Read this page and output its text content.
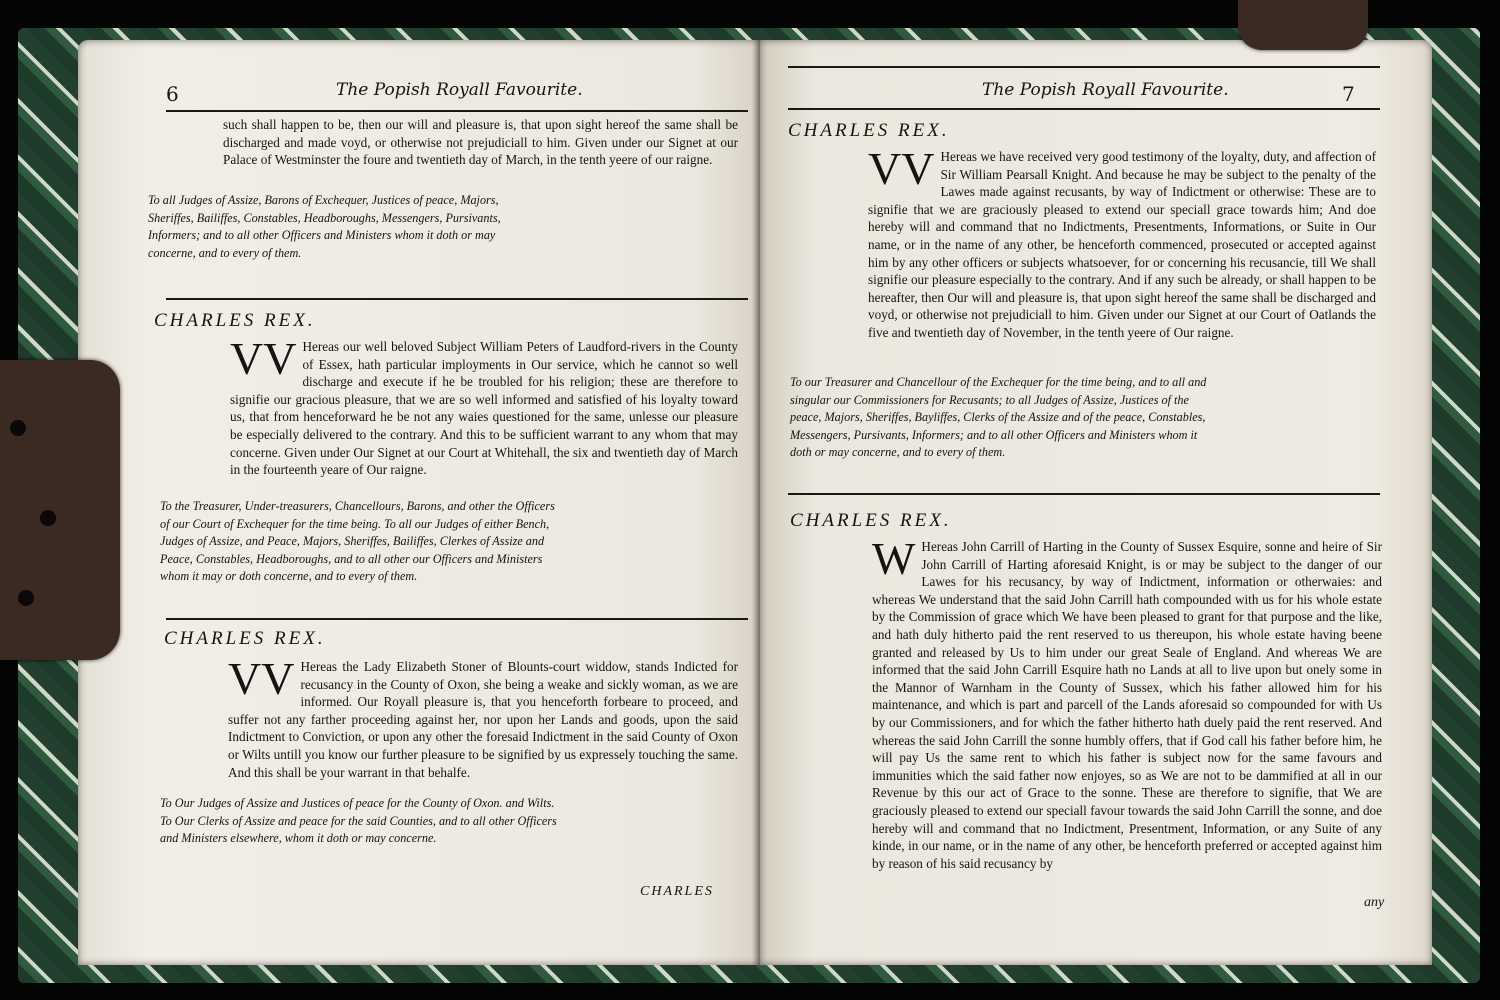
6	The Popish Royall Favourite.
such shall happen to be, then our will and pleasure is, that upon sight hereof the same shall be discharged and made voyd, or otherwise not prejudiciall to him. Given under our Signet at our Palace of Westminster the foure and twentieth day of March, in the tenth yeere of our raigne.
To all Judges of Assize, Barons of Exchequer, Justices of peace, Majors, Sheriffes, Bailiffes, Constables, Headboroughs, Messengers, Pursivants, Informers; and to all other Officers and Ministers whom it doth or may concerne, and to every of them.
CHARLES REX.
VV Hereas our well beloved Subject William Peters of Laudford-rivers in the County of Essex, hath particular imployments in Our service, which he cannot so well discharge and execute if he be troubled for his religion; these are therefore to signifie our gracious pleasure, that we are so well informed and satisfied of his loyalty toward us, that from henceforward he be not any waies questioned for the same, unlesse our pleasure be especially delivered to the contrary. And this to be sufficient warrant to any whom that may concerne. Given under Our Signet at our Court at Whitehall, the six and twentieth day of March in the fourteenth yeare of Our raigne.
To the Treasurer, Under-treasurers, Chancellours, Barons, and other the Officers of our Court of Exchequer for the time being. To all our Judges of either Bench, Judges of Assize, and Peace, Majors, Sheriffes, Bailiffes, Clerkes of Assize and Peace, Constables, Headboroughs, and to all other our Officers and Ministers whom it may or doth concerne, and to every of them.
CHARLES REX.
VV Hereas the Lady Elizabeth Stoner of Blounts-court widdow, stands Indicted for recusancy in the County of Oxon, she being a weake and sickly woman, as we are informed. Our Royall pleasure is, that you henceforth forbeare to proceed, and suffer not any farther proceeding against her, nor upon her Lands and goods, upon the said Indictment to Conviction, or upon any other the foresaid Indictment in the said County of Oxon or Wilts untill you know our further pleasure to be signified by us expressely touching the same. And this shall be your warrant in that behalfe.
To Our Judges of Assize and Justices of peace for the County of Oxon. and Wilts. To Our Clerks of Assize and peace for the said Counties, and to all other Officers and Ministers elsewhere, whom it doth or may concerne.
CHARLES
The Popish Royall Favourite.	7
CHARLES REX.
VV Hereas we have received very good testimony of the loyalty, duty, and affection of Sir William Pearsall Knight. And because he may be subject to the penalty of the Lawes made against recusants, by way of Indictment or otherwise: These are to signifie that we are graciously pleased to extend our speciall grace towards him; And doe hereby will and command that no Indictments, Presentments, Informations, or Suite in Our name, or in the name of any other, be henceforth commenced, prosecuted or accepted against him by any other officers or subjects whatsoever, for or concerning his recusancie, till We shall signifie our pleasure especially to the contrary. And if any such be already, or shall happen to be hereafter, then Our will and pleasure is, that upon sight hereof the same shall be discharged and voyd, or otherwise not prejudiciall to him. Given under our Signet at our Court of Oatlands the five and twentieth day of November, in the tenth yeere of Our raigne.
To our Treasurer and Chancellour of the Exchequer for the time being, and to all and singular our Commissioners for Recusants; to all Judges of Assize, Justices of the peace, Majors, Sheriffes, Bayliffes, Clerks of the Assize and of the peace, Constables, Messengers, Pursivants, Informers; and to all other Officers and Ministers whom it doth or may concerne, and to every of them.
CHARLES REX.
W Hereas John Carrill of Harting in the County of Sussex Esquire, sonne and heire of Sir John Carrill of Harting aforesaid Knight, is or may be subject to the danger of our Lawes for his recusancy, by way of Indictment, information or otherwaies: and whereas We understand that the said John Carrill hath compounded with us for his whole estate by the Commission of grace which We have been pleased to grant for that purpose and the like, and hath duly hitherto paid the rent reserved to us thereupon, his whole estate having beene granted and released by Us to him under our great Seale of England. And whereas We are informed that the said John Carrill Esquire hath no Lands at all to live upon but onely some in the Mannor of Warnham in the County of Sussex, which his father allowed him for his maintenance, and which is part and parcell of the Lands aforesaid so compounded for with Us by our Commissioners, and for which the father hitherto hath duely paid the rent reserved. And whereas the said John Carrill the sonne humbly offers, that if God call his father before him, he will pay Us the same rent to which his father is subject now for the same favours and immunities which the said father now enjoyes, so as We are not to be dammified at all in our Revenue by this our act of Grace to the sonne. These are therefore to signifie, that We are graciously pleased to extend our speciall favour towards the said John Carrill the sonne, and doe hereby will and command that no Indictment, Presentment, Information, or any Suite of any kinde, in our name, or in the name of any other, be henceforth preferred or accepted against him by reason of his said recusancy by
any
